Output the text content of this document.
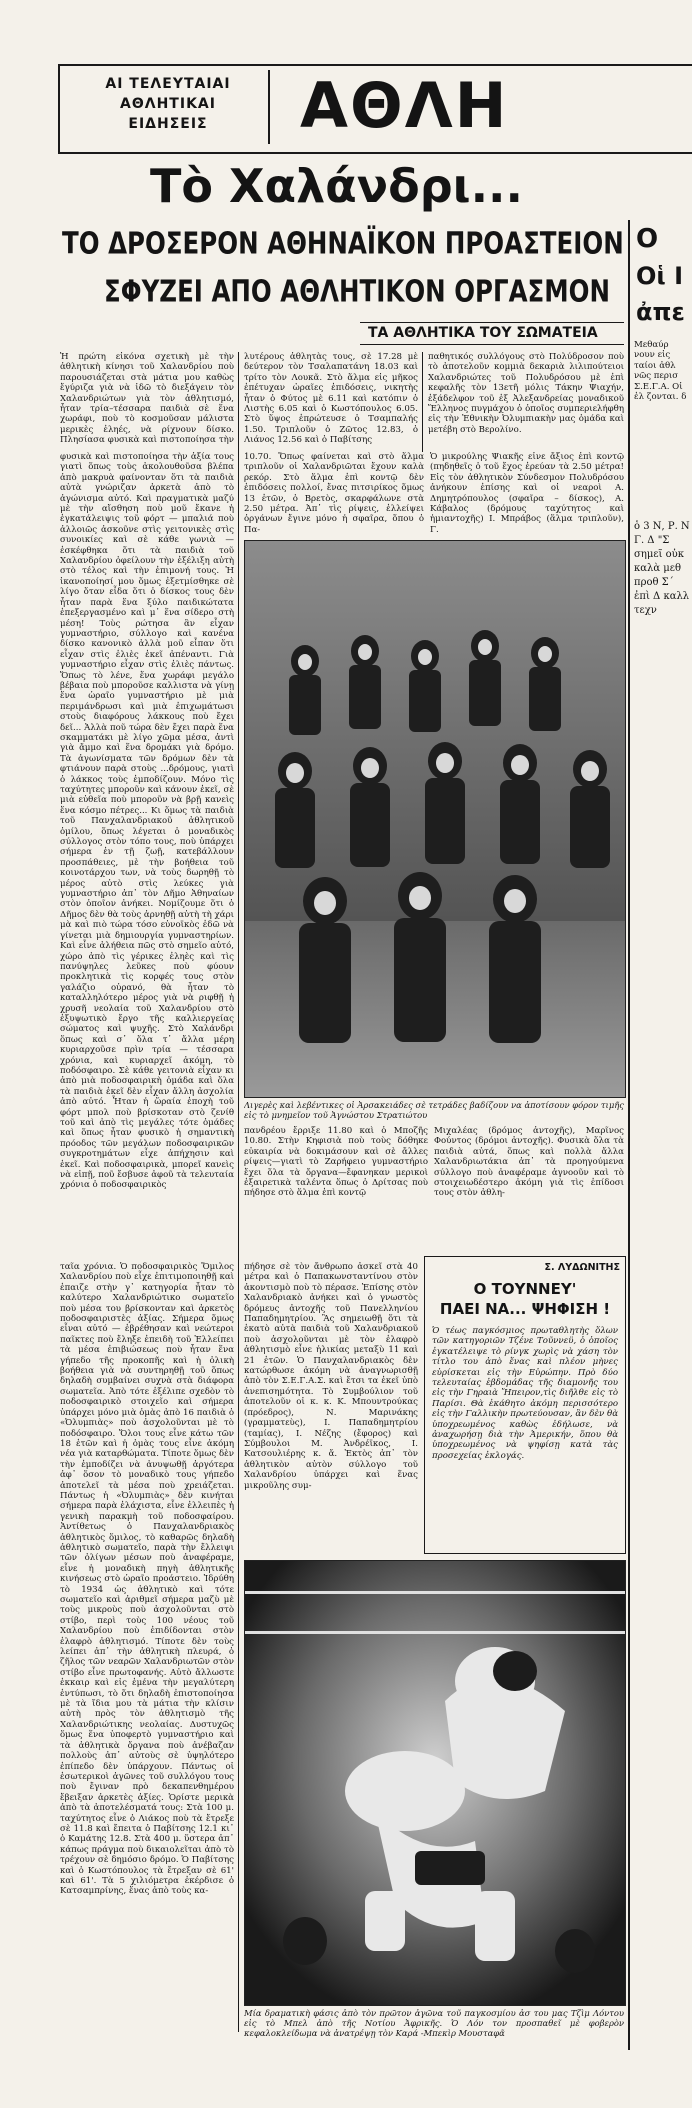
ΑΙ ΤΕΛΕΥΤΑΙΑΙ
ΑΘΛΗΤΙΚΑΙ
ΕΙΔΗΣΕΙΣ	ΑΘΛΗ
Τὸ Χαλάνδρι...
ΤΟ ΔΡΟΣΕΡΟΝ ΑΘΗΝΑΪΚΟΝ ΠΡΟΑΣΤΕΙΟΝ
ΣΦΥΖΕΙ ΑΠΟ ΑΘΛΗΤΙΚΟΝ ΟΡΓΑΣΜΟΝ
ΤΑ ΑΘΛΗΤΙΚΑ ΤΟΥ ΣΩΜΑΤΕΙΑ
Ο
Οἱ Ι
ἀπε
Μεθαύρ νουν εἰς ταίοι ἀθλ νῶς περισ Σ.Ε.Γ.Α. Οἱ ἐλ ζονται. δ
ὁ 3 Ν, Ρ. Ν Γ. Δ "Σ σημεῖ οὐκ καλὰ μεθ προθ Σ΄ ἐπὶ Δ καλλ τεχν
Ἡ πρώτη εἰκόνα σχετικὴ μὲ τὴν ἀθλητικὴ κίνησι τοῦ Χαλανδρίου ποὺ παρουσιάζεται στὰ μάτια μου καθὼς ἔγύριζα γιὰ νὰ ἰδῶ τὸ διεξάγειν τὸν Χαλανδριώτων γιὰ τὸν ἀθλητισμό, ἦταν τρία–τέσσαρα παιδιὰ σὲ ἕνα χωράφι, ποὺ τὸ κοσμοῦσαν μάλιστα μερικὲς ἐληές, νὰ ρίχνουν δίσκο. Πλησίασα φυσικὰ καὶ πιστοποίησα τὴν
λυτέρους ἀθλητὰς τους, σὲ 17.28 μὲ δεύτερον τὸν Τσαλαπατάνη 18.03 καὶ τρίτο τὸν Λουκᾶ. Στὸ ἅλμα εἰς μῆκος ἐπέτυχαν ὡραῖες ἐπιδόσεις, νικητὴς ἦταν ὁ Φύτος μὲ 6.11 καὶ κατόπιν ὁ Λιστὴς 6.05 καὶ ὁ Κωστόπουλος 6.05. Στὸ ὕψος ἐπρώτευσε ὁ Τσαμπαλής 1.50. Τριπλοῦν ὁ Ζῶτος 12.83, ὁ Λιάνος 12.56 καὶ ὁ Παβίτσης
παθητικός συλλόγους στὸ Πολύδροσον ποὺ τὸ ἀποτελοῦν κομμιὰ δεκαριὰ λιλιπούτειοι Χαλανδριώτες τοῦ Πολυδρόσου μὲ ἐπὶ κεφαλῆς τὸν 13ετῆ μόλις Τάκην Ψιαχήν, ἐξάδελφον τοῦ ἐξ Ἀλεξανδρείας μοναδικοῦ Ἕλληνος πυγμάχου ὁ ὁποῖος συμπεριελήφθη εἰς τὴν Ἐθνικὴν Ὀλυμπιακὴν μας ὁμάδα καὶ μετέβη στὸ Βερολίνο.
φυσικὰ καὶ πιστοποίησα τὴν ἀξία τους γιατὶ ὅπως τοὺς ἀκολουθοῦσα βλέπα ἀπὸ μακρυὰ φαίνονταν ὅτι τὰ παιδιὰ αὐτὰ γνώριζαν ἀρκετὰ ἀπὸ τὸ ἀγώνισμα αὐτό. Καὶ πραγματικὰ μαζύ μὲ τὴν αἴσθηση ποὺ μοῦ ἔκανε ἡ ἐγκατάλειψις τοῦ φόρτ — μπαλιά ποὺ ἀλλοιῶς ἀσκοῦνε στὶς γειτονικὲς στὶς συνοικίες καὶ σὲ κάθε γωνιὰ — ἐσκέφθηκα ὅτι τὰ παιδιὰ τοῦ Χαλανδρίου ὀφείλουν τὴν ἐξέλιξη αὐτὴ στὸ τέλος καὶ τὴν ἐπιμονή τους. Ἡ ἱκανοποίησί μου ὅμως ἐξετμίσθηκε σὲ λίγο ὅταν εἶδα ὅτι ὁ δίσκος τους δὲν ἦταν παρὰ ἕνα ξύλο παιδικώτατα ἐπεξεργασμένο καὶ μ᾽ ἕνα σίδερο στὴ μέση! Τοὺς ρώτησα ἂν εἶχαν γυμναστήριο, σύλλογο καὶ κανένα δίσκο κανονικὸ ἀλλὰ μοῦ εἶπαν ὅτι εἶχαν στὶς ἐλιὲς ἐκεῖ ἀπέναντι. Γιὰ γυμναστήριο εἶχαν στὶς ἐλιὲς πάντως. Ὅπως τὸ λένε, ἕνα χωράφι μεγάλο βέβαια ποὺ μποροῦσε καλλιστα νὰ γίνῃ ἕνα ὡραῖο γυμναστήριο μὲ μιὰ περιμάνδρωσι καὶ μιὰ ἐπιχωμάτωσι στοὺς διαφόρους λάκκους ποὺ ἔχει δεῖ... Ἀλλὰ ποῦ τώρα δὲν ἔχει παρὰ ἕνα σκαμματάκι μὲ λίγο χῶμα μέσα, ἀντὶ γιὰ ἄμμο καὶ ἕνα δρομάκι γιὰ δρόμο. Τὰ ἀγωνίσματα τῶν δρόμων δὲν τὰ φτιάνουν παρὰ στοὺς ...δρόμους, γιατὶ ὁ λάκκος τοὺς ἐμποδίζουν. Μόνο τὶς ταχύτητες μποροῦν καὶ κάνουν ἐκεῖ, σὲ μιὰ εὐθεῖα ποὺ μποροῦν νὰ βρῇ κανεὶς ἕνα κόσμο πέτρες... Κι ὅμως τὰ παιδιὰ τοῦ Πανχαλανδριακοῦ ἀθλητικοῦ ὁμίλου, ὅπως λέγεται ὁ μοναδικὸς σύλλογος στὸν τόπο τους, ποὺ ὑπάρχει σήμερα ἐν τῇ ζωῇ, κατεβάλλουν προσπάθειες, μὲ τὴν βοήθεια τοῦ κοινοτάρχου των, νὰ τοὺς δωρηθῇ τὸ μέρος αὐτὸ στὶς λεύκες γιὰ γυμναστήριο ἀπ᾽ τὸν Δῆμο Ἀθηναίων στὸν ὁποῖον ἀνήκει. Νομίζουμε ὅτι ὁ Δῆμος δὲν θὰ τοὺς ἀρνηθῇ αὐτὴ τὴ χάρι μὰ καὶ πιὸ τώρα τόσο εὐνοϊκὸς ἐδῶ νὰ γίνεται μιὰ δημιουργία γυμναστηρίων. Καὶ εἶνε ἀλήθεια πῶς στὸ σημεῖο αὐτό, χώρο ἀπὸ τὶς γέρικες ἐληὲς καὶ τὶς πανύψηλες λεῦκες ποὺ φύουν προκλητικὰ τὶς κορφές τους στὸν γαλάζιο οὐρανό, θὰ ἦταν τὸ καταλληλότερο μέρος γιὰ νὰ ριφθῇ ἡ χρυσῆ νεολαία τοῦ Χαλανδρίου στὸ ἐξυψωτικὸ ἔργο τῆς καλλιεργείας σώματος καὶ ψυχῆς. Στὸ Χαλάνδρι ὅπως καὶ σ᾽ ὅλα τ᾽ ἄλλα μέρη κυριαρχοῦσε πρὶν τρία — τέσσαρα χρόνια, καὶ κυριαρχεῖ ἀκόμη, τὸ ποδόσφαιρο. Σὲ κάθε γειτονιὰ εἶχαν κι ἀπὸ μιὰ ποδοσφαιρικὴ ὁμάδα καὶ ὅλα τὰ παιδιὰ ἐκεῖ δὲν εἶχαν ἄλλη ἀσχολία ἀπὸ αὐτό. Ἦταν ἡ ὥραία ἐποχὴ τοῦ φόρτ μπολ ποὺ βρίσκοταν στὸ ζενίθ τοῦ καὶ ἀπὸ τὶς μεγάλες τότε ὁμάδες καὶ ὅπως ἦταν φυσικὸ ἡ σημαντικὴ πρόοδος τῶν μεγάλων ποδοσφαιρικῶν συγκροτημάτων εἶχε ἀπήχησιν καὶ ἐκεῖ. Καὶ ποδοσφαιρικὰ, μπορεῖ κανεὶς νὰ εἰπῇ, ποῦ ἔσβυσε ἀφοῦ τὰ τελευταία χρόνια ὁ ποδοσφαιρικὸς
10.70. Ὅπως φαίνεται καὶ στὸ ἅλμα τριπλοῦν οἱ Χαλανδριῶται ἔχουν καλὰ ρεκόρ. Στὸ ἅλμα ἐπὶ κοντῷ δὲν ἐπιδόσεις πολλοί, ἔνας πιτσιρίκος ὅμως 13 ἐτῶν, ὁ Βρετὸς, σκαρφάλωνε στὰ 2.50 μέτρα. Ἀπ᾽ τὶς ρίψεις, ἐλλείψει ὀργάνων ἔγινε μόνο ἡ σφαῖρα, ὅπου ὁ Πα-
Ὁ μικρούλης Ψιακῆς εἶνε ἄξιος ἐπὶ κοντῷ (πηδηθεῖς ὁ τοῦ ἔχος ἐρεύαν τὰ 2.50 μέτρα! Εἰς τὸν ἀθλητικὸν Σύνδεσμον Πολυδρόσου ἀνήκουν ἐπίσης καὶ οἱ νεαροὶ Α. Δημητρόπουλος (σφαῖρα – δίσκος), Α. Κάβαλος (δρόμους ταχύτητος καὶ ἡμιαντοχῆς) Ι. Μπράβος (ἅλμα τριπλοῦν), Γ.
Λιγερὲς καὶ λεβέντικες οἱ Ἀρσακειάδες σὲ τετράδες βαδίζουν να ἀποτίσουν φόρον τιμῆς εἰς τὸ μνημεῖον τοῦ Ἀγνώστου Στρατιώτου
πανδρέου ἔρριξε 11.80 καὶ ὁ Μποζῆς 10.80. Στὴν Κηφισιὰ ποὺ τοὺς δόθηκε εὐκαιρία νὰ δοκιμάσουν καὶ σὲ ἄλλες ρίψεις—γιατὶ τὸ Ζαρήφειο γυμναστήριο ἔχει ὅλα τὰ ὄργανα—ἔφανηκαν μερικοὶ ἐξαιρετικὰ ταλέντα ὅπως ὁ Δρίτσας ποὺ πήδησε στὸ ἅλμα ἐπὶ κοντῷ
Μιχαλέας (δρόμος ἀντοχῆς), Μαρῖνος Φούντος (δρόμοι ἀντοχῆς). Φυσικὰ ὅλα τὰ παιδιὰ αὐτά, ὅπως καὶ πολλὰ ἄλλα Χαλανδριωτάκια ἀπ᾽ τὰ προηγούμενα σύλλογο ποὺ ἀναφέραμε ἀγνοοῦν καὶ τὸ στοιχειωδέστερο ἀκόμη γιὰ τὶς ἐπίδοσι τους στὸν ἀθλη-
ταῖα χρόνια. Ὁ ποδοσφαιρικὸς Ὅμιλος Χαλανδρίου ποὺ εἶχε ἐπιτιμοποιηθῇ καὶ ἐπαιζε στὴν γ᾽ κατηγορία ἦταν τὸ καλύτερο Χαλανδριώτικο σωματεῖο ποὺ μέσα του βρίσκονταν καὶ ἀρκετὸς ποδοσφαιριστὲς ἀξίας. Σήμερα ὅμως εἶναι αὐτό — ἐβρέθησαν καὶ νεώτεροι παῖκτες ποὺ ἔληξε ἐπειδὴ τοῦ Ἐλλείπει τὰ μέσα ἐπιβιώσεως ποὺ ἦταν ἕνα γήπεδο τῆς προκοπῆς καὶ ἡ ὀλικὴ βοήθεια γιὰ νὰ συντηρηθῇ τοῦ ὅπως δηλαδὴ συμβαίνει συχνὰ στὰ διάφορα σωματεῖα. Ἀπὸ τότε ἐξέλιπε σχεδὸν τὸ ποδοσφαιρικὸ στοιχεῖο καὶ σήμερα ὑπάρχει μόνο μιὰ ὁμὰς ἀπὸ 16 παιδιὰ ὁ «Ὀλυμπιὰς» ποὺ ἀσχολοῦνται μὲ τὸ ποδόσφαιρο. Ὅλοι τους εἶνε κάτω τῶν 18 ἐτῶν καὶ ἡ ὁμὰς τους εἶνε ἀκόμη νέα γιὰ καταρθώματα. Τίποτε ὅμως δὲν τὴν ἐμποδίζει νὰ ἀνυψωθῇ ἀργότερα ἀφ᾽ ὅσον τὸ μοναδικὸ τους γήπεδο ἀποτελεῖ τὰ μέσα ποὺ χρειάζεται. Πάντως ἡ «Ὀλυμπιὰς» δὲν κινήται σήμερα παρὰ ἐλάχιστα, εἶνε ἐλλειπὲς ἡ γενικὴ παρακμὴ τοῦ ποδοσφαίρου. Ἀντίθετως ὁ Πανχαλανδριακὸς ἀθλητικὸς ὅμιλος, τὸ καθαρῶς δηλαδὴ ἀθλητικὸ σωματεῖο, παρὰ τὴν ἔλλειψι τῶν ὀλίγων μέσων ποὺ ἀναφέραμε, εἶνε ἡ μοναδικὴ πηγὴ ἀθλητικῆς κινήσεως στὸ ὡραῖο προάστειο. Ἱδρύθη τὸ 1934 ὡς ἀθλητικὸ καὶ τότε σωματεῖο καὶ ἀριθμεῖ σήμερα μαζὺ μὲ τοὺς μικροὺς ποὺ ἀσχολοῦνται στὸ στίβο, περὶ τοὺς 100 νέους τοῦ Χαλανδρίου ποὺ ἐπιδίδονται στὸν ἐλαφρὸ ἀθλητισμό. Τίποτε δὲν τοὺς λείπει ἀπ᾽ τὴν ἀθλητικὴ πλευρά, ὁ ζῆλος τῶν νεαρῶν Χαλανδριωτῶν στὸν στίβο εἶνε πρωτοφανής. Αὐτὸ ἄλλωστε ἐκκαιρ καὶ εἰς ἐμένα τὴν μεγαλύτερη ἐντύπωσι, τὸ ὅτι δηλαδὴ ἐπιστοποίησα μὲ τὰ ἴδια μου τὰ μάτια τὴν κλίσιν αὐτὴ πρὸς τὸν ἀθλητισμὸ τῆς Χαλανδριώτικης νεολαίας. Δυστυχῶς ὅμως ἕνα ὑποφερτὸ γυμναστήριο καὶ τὰ ἀθλητικὰ ὄργανα ποὺ ἀνέβαζαν πολλοὺς ἀπ᾽ αὐτοὺς σὲ ὑψηλότερο ἐπίπεδο δὲν ὑπάρχουν. Πάντως οἱ ἐσωτερικοὶ ἀγῶνες τοῦ συλλόγου τους ποὺ ἔγιναν πρὸ δεκαπενθημέρου ἔβειξαν ἀρκετὲς ἀξίες. Ὁρίστε μερικὰ ἀπὸ τὰ ἀποτελέσματά τους: Στὰ 100 μ. ταχύτητος εἶνε ὁ Λιάκος ποὺ τὰ ἔτρεξε σὲ 11.8 καὶ ἔπειτα ὁ Παβίτσης 12.1 κι᾽ ὁ Καμάτης 12.8. Στὰ 400 μ. ὕστερα ἀπ᾽ κάπως πράγμα ποὺ δικαιολεῖται ἀπὸ τὸ τρέχουν σὲ δημόσιο δρόμο. Ὁ Παβίτσης καὶ ὁ Κωστόπουλος τὰ ἔτρεξαν σὲ 61' καὶ 61'. Τὰ 5 χιλιόμετρα ἐκέρδισε ὁ Κατσαμπρίνης, ἕνας ἀπὸ τοὺς κα-
πήδησε σὲ τὸν ἄνθρωπο ἀσκεῖ στὰ 40 μέτρα καὶ ὁ Παπακωνσταντίνου στὸν ἀκοντισμὸ ποὺ τὸ πέρασε. Ἐπίσης στὸν Χαλανδριακὸ ἀνήκει καὶ ὁ γνωστὸς δρόμευς ἀντοχῆς τοῦ Πανελληνίου Παπαδημητρίου. Ἂς σημειωθῇ ὅτι τὰ ἑκατὸ αὐτὰ παιδιὰ τοῦ Χαλανδριακοῦ ποὺ ἀσχολοῦνται μὲ τὸν ἐλαφρὸ ἀθλητισμὸ εἶνε ἡλικίας μεταξὺ 11 καὶ 21 ἐτῶν. Ὁ Πανχαλανδριακὸς δὲν κατώρθωσε ἀκόμη νὰ ἀναγνωρισθῇ ἀπὸ τὸν Σ.Ε.Γ.Α.Σ. καὶ ἔτσι τα ἐκεῖ ὑπὸ ἀνεπισημότητα. Τὸ Συμβούλιον τοῦ ἀποτελοῦν οἱ κ. κ. Κ. Μπουντρούκας (πρόεδρος), Ν. Μαρινάκης (γραμματεὺς), Ι. Παπαδημητρίου (ταμίας), Ι. Νέζης (ἔφορος) καὶ Σύμβουλοι Μ. Ἀνδρέϊκος, Ι. Κατσουλιέρης κ. ἄ. Ἐκτὸς ἀπ᾽ τὸν ἀθλητικὸν αὐτὸν σύλλογο τοῦ Χαλανδρίου ὑπάρχει καὶ ἕνας μικροῦλης συμ-
Σ. ΛΥΔΩΝΙΤΗΣ
Ο ΤΟΥΝΝΕΥ'
ΠΑΕΙ ΝΑ... ΨΗΦΙΣΗ !
Ὁ τέως παγκόσμιος πρωταθλητὴς ὅλων τῶν κατηγοριῶν Τζένε Τοῦννεϋ, ὁ ὁποῖος ἐγκατέλειψε τὸ ρίνγκ χωρὶς νὰ χάση τὸν τίτλο του ἀπὸ ἕνας καὶ πλέον μὴνες εὑρίσκεται εἰς τὴν Εὐρώπην. Πρὸ δύο τελευταίας ἑβδομάδας τῆς διαμονῆς του εἰς τὴν Γηραιὰ Ἤπειρον,τὶς διῆλθε εἰς τὸ Παρίσι. Θὰ ἐκάθητο ἀκόμη περισσότερο εἰς τὴν Γαλλικὴν πρωτεύουσαν, ἂν δὲν θὰ ὑποχρεωμένος καθὼς ἐδήλωσε, νὰ ἀναχωρήσῃ διὰ τὴν Ἀμερικήν, ὅπου θὰ ὑποχρεωμένος νὰ ψηφίσῃ κατὰ τὰς προσεχείας ἐκλογάς.
Μία δραματικὴ φάσις ἀπὸ τὸν πρῶτον ἀγῶνα τοῦ παγκοσμίου ἀσ του μας Τζὶμ Λόντου εἰς τὸ Μπελ ἀπὸ τῆς Νοτίου Ἀφρικῆς. Ὁ Λόν τον προσπαθεῖ μὲ φοβερὸν κεφαλοκλείδωμα νὰ ἀνατρέψῃ τὸν Καρά -Μπεκὶρ Μουσταφᾶ
